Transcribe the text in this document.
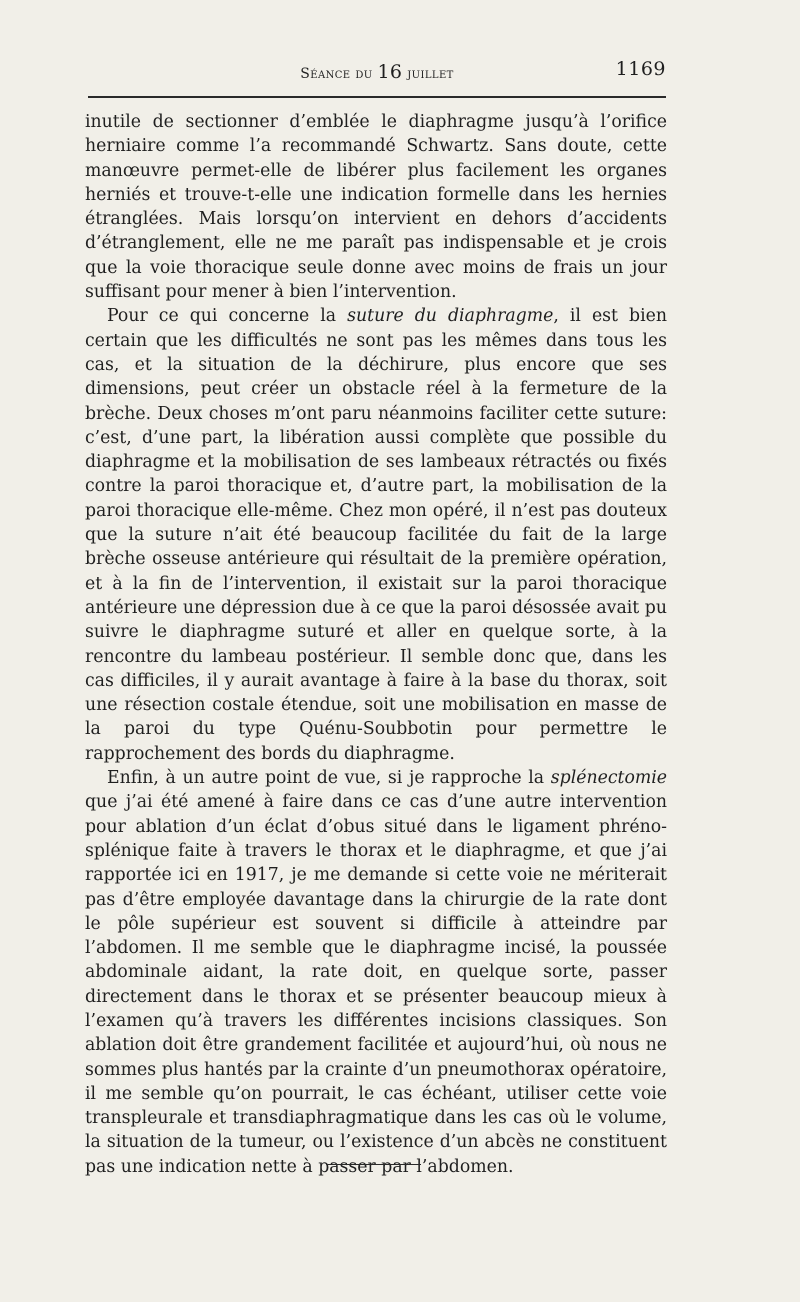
Séance du 16 juillet	1169

inutile de sectionner d’emblée le diaphragme jusqu’à l’orifice herniaire comme l’a recommandé Schwartz. Sans doute, cette manœuvre permet-elle de libérer plus facilement les organes herniés et trouve-t-elle une indication formelle dans les hernies étranglées. Mais lorsqu’on intervient en dehors d’accidents d’étranglement, elle ne me paraît pas indispensable et je crois que la voie thoracique seule donne avec moins de frais un jour suffisant pour mener à bien l’intervention.

Pour ce qui concerne la suture du diaphragme, il est bien certain que les difficultés ne sont pas les mêmes dans tous les cas, et la situation de la déchirure, plus encore que ses dimensions, peut créer un obstacle réel à la fermeture de la brèche. Deux choses m’ont paru néanmoins faciliter cette suture: c’est, d’une part, la libération aussi complète que possible du diaphragme et la mobilisation de ses lambeaux rétractés ou fixés contre la paroi thoracique et, d’autre part, la mobilisation de la paroi thoracique elle-même. Chez mon opéré, il n’est pas douteux que la suture n’ait été beaucoup facilitée du fait de la large brèche osseuse antérieure qui résultait de la première opération, et à la fin de l’intervention, il existait sur la paroi thoracique antérieure une dépression due à ce que la paroi désossée avait pu suivre le diaphragme suturé et aller en quelque sorte, à la rencontre du lambeau postérieur. Il semble donc que, dans les cas difficiles, il y aurait avantage à faire à la base du thorax, soit une résection costale étendue, soit une mobilisation en masse de la paroi du type Quénu-Soubbotin pour permettre le rapprochement des bords du diaphragme.

Enfin, à un autre point de vue, si je rapproche la splénectomie que j’ai été amené à faire dans ce cas d’une autre intervention pour ablation d’un éclat d’obus situé dans le ligament phréno-splénique faite à travers le thorax et le diaphragme, et que j’ai rapportée ici en 1917, je me demande si cette voie ne mériterait pas d’être employée davantage dans la chirurgie de la rate dont le pôle supérieur est souvent si difficile à atteindre par l’abdomen. Il me semble que le diaphragme incisé, la poussée abdominale aidant, la rate doit, en quelque sorte, passer directement dans le thorax et se présenter beaucoup mieux à l’examen qu’à travers les différentes incisions classiques. Son ablation doit être grandement facilitée et aujourd’hui, où nous ne sommes plus hantés par la crainte d’un pneumothorax opératoire, il me semble qu’on pourrait, le cas échéant, utiliser cette voie transpleurale et transdiaphragmatique dans les cas où le volume, la situation de la tumeur, ou l’existence d’un abcès ne constituent pas une indication nette à passer par l’abdomen.
